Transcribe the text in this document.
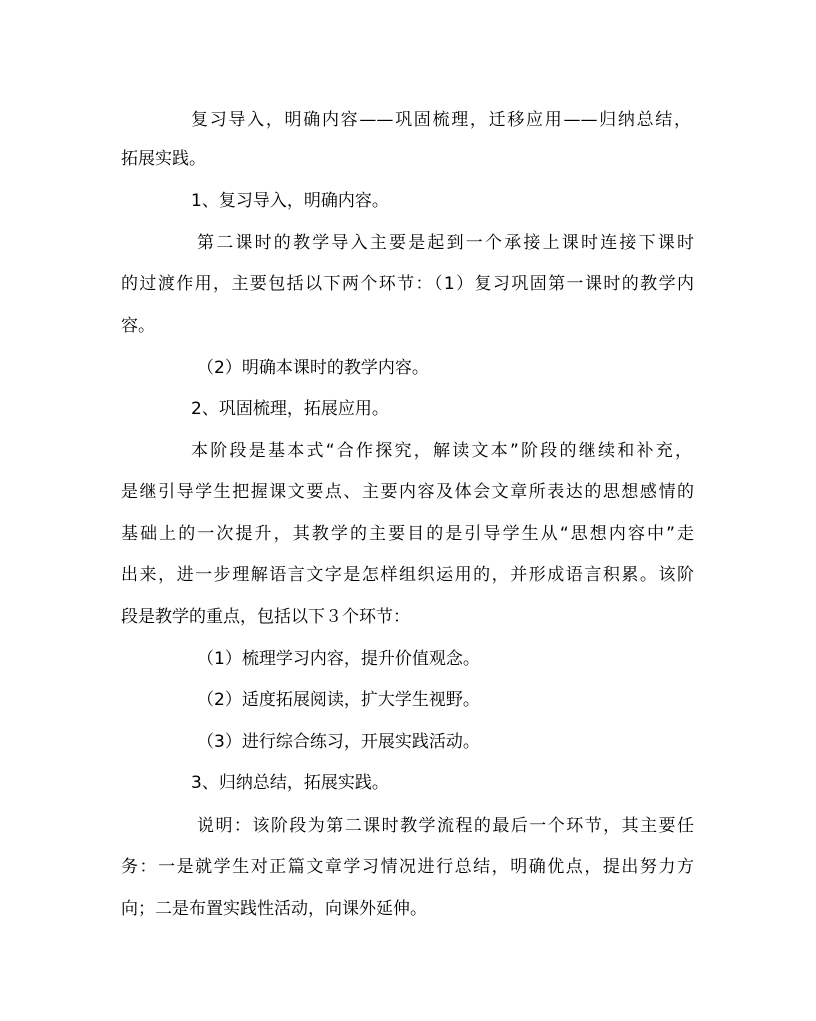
复习导入，明确内容——巩固梳理，迁移应用——归纳总结，
拓展实践。
1、复习导入，明确内容。
第二课时的教学导入主要是起到一个承接上课时连接下课时
的过渡作用，主要包括以下两个环节：（1）复习巩固第一课时的教学内
容。
（2）明确本课时的教学内容。
2、巩固梳理，拓展应用。
本阶段是基本式“合作探究，解读文本”阶段的继续和补充，
是继引导学生把握课文要点、主要内容及体会文章所表达的思想感情的
基础上的一次提升，其教学的主要目的是引导学生从“思想内容中”走
出来，进一步理解语言文字是怎样组织运用的，并形成语言积累。该阶
段是教学的重点，包括以下３个环节：
（1）梳理学习内容，提升价值观念。
（2）适度拓展阅读，扩大学生视野。
（3）进行综合练习，开展实践活动。
3、归纳总结，拓展实践。
说明：该阶段为第二课时教学流程的最后一个环节，其主要任
务：一是就学生对正篇文章学习情况进行总结，明确优点，提出努力方
向；二是布置实践性活动，向课外延伸。
